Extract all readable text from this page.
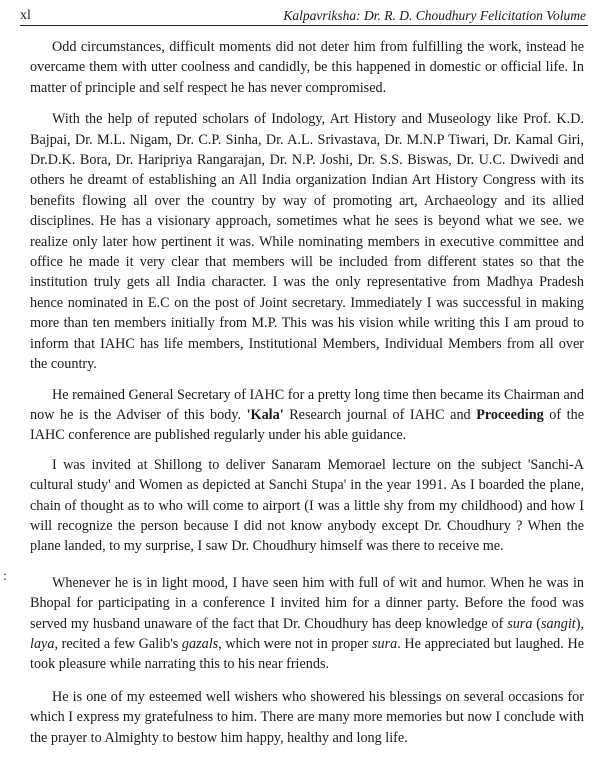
xl	Kalpavrikshа: Dr. R. D. Choudhury Felicitation Volume
:

Odd circumstances, difficult moments did not deter him from fulfilling the work, instead he overcame them with utter coolness and candidly, be this happened in domestic or official life. In matter of principle and self respect he has never compromised.

With the help of reputed scholars of Indology, Art History and Museology like Prof. K.D. Bajpai, Dr. M.L. Nigam, Dr. C.P. Sinha, Dr. A.L. Srivastava, Dr. M.N.P Tiwari, Dr. Kamal Giri, Dr.D.K. Bora, Dr. Haripriya Rangarajan, Dr. N.P. Joshi, Dr. S.S. Biswas, Dr. U.C. Dwivedi and others he dreamt of establishing an All India organization Indian Art History Congress with its benefits flowing all over the country by way of promoting art, Archaeology and its allied disciplines. He has a visionary approach, sometimes what he sees is beyond what we see. we realize only later how pertinent it was. While nominating members in executive committee and office he made it very clear that members will be included from different states so that the institution truly gets all India character. I was the only representative from Madhya Pradesh hence nominated in E.C on the post of Joint secretary. Immediately I was successful in making more than ten members initially from M.P. This was his vision while writing this I am proud to inform that IAHC has life members, Institutional Members, Individual Members from all over the country.

He remained General Secretary of IAHC for a pretty long time then became its Chairman and now he is the Adviser of this body. 'Kala' Research journal of IAHC and Proceeding of the IAHC conference are published regularly under his able guidance.

I was invited at Shillong to deliver Sanaram Memorael lecture on the subject 'Sanchi-A cultural study' and Women as depicted at Sanchi Stupa' in the year 1991. As I boarded the plane, chain of thought as to who will come to airport (I was a little shy from my childhood) and how I will recognize the person because I did not know anybody except Dr. Choudhury ? When the plane landed, to my surprise, I saw Dr. Choudhury himself was there to receive me.

Whenever he is in light mood, I have seen him with full of wit and humor. When he was in Bhopal for participating in a conference I invited him for a dinner party. Before the food was served my husband unaware of the fact that Dr. Choudhury has deep knowledge of sura (sangit), laya, recited a few Galib's gazals, which were not in proper sura. He appreciated but laughed. He took pleasure while narrating this to his near friends.

He is one of my esteemed well wishers who showered his blessings on several occasions for which I express my gratefulness to him. There are many more memories but now I conclude with the prayer to Almighty to bestow him happy, healthy and long life.
